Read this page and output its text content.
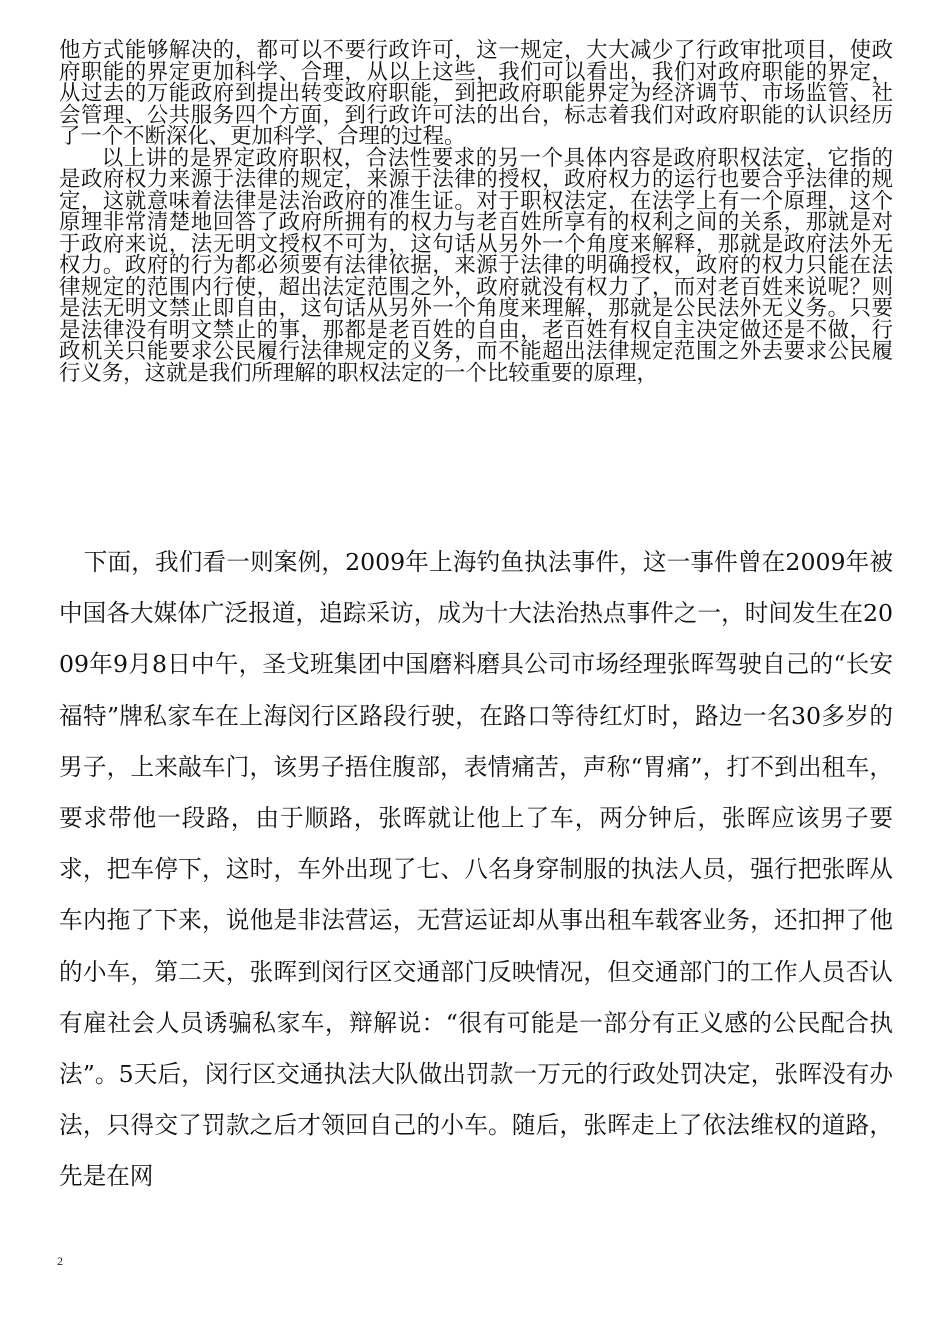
他方式能够解决的，都可以不要行政许可，这一规定，大大减少了行政审批项目，使政府职能的界定更加科学、合理，从以上这些，我们可以看出，我们对政府职能的界定，从过去的万能政府到提出转变政府职能，到把政府职能界定为经济调节、市场监管、社会管理、公共服务四个方面，到行政许可法的出台，标志着我们对政府职能的认识经历了一个不断深化、更加科学、合理的过程。

以上讲的是界定政府职权，合法性要求的另一个具体内容是政府职权法定，它指的是政府权力来源于法律的规定，来源于法律的授权，政府权力的运行也要合乎法律的规定，这就意味着法律是法治政府的准生证。对于职权法定，在法学上有一个原理，这个原理非常清楚地回答了政府所拥有的权力与老百姓所享有的权利之间的关系，那就是对于政府来说，法无明文授权不可为，这句话从另外一个角度来解释，那就是政府法外无权力。政府的行为都必须要有法律依据，来源于法律的明确授权，政府的权力只能在法律规定的范围内行使，超出法定范围之外，政府就没有权力了，而对老百姓来说呢？则是法无明文禁止即自由，这句话从另外一个角度来理解，那就是公民法外无义务。只要是法律没有明文禁止的事，那都是老百姓的自由，老百姓有权自主决定做还是不做，行政机关只能要求公民履行法律规定的义务，而不能超出法律规定范围之外去要求公民履行义务，这就是我们所理解的职权法定的一个比较重要的原理，

下面，我们看一则案例，2009年上海钓鱼执法事件，这一事件曾在2009年被中国各大媒体广泛报道，追踪采访，成为十大法治热点事件之一，时间发生在2009年9月8日中午，圣戈班集团中国磨料磨具公司市场经理张晖驾驶自己的“长安福特”牌私家车在上海闵行区路段行驶，在路口等待红灯时，路边一名30多岁的男子，上来敲车门，该男子捂住腹部，表情痛苦，声称“胃痛”，打不到出租车，要求带他一段路，由于顺路，张晖就让他上了车，两分钟后，张晖应该男子要求，把车停下，这时，车外出现了七、八名身穿制服的执法人员，强行把张晖从车内拖了下来，说他是非法营运，无营运证却从事出租车载客业务，还扣押了他的小车，第二天，张晖到闵行区交通部门反映情况，但交通部门的工作人员否认有雇社会人员诱骗私家车，辩解说：“很有可能是一部分有正义感的公民配合执法”。5天后，闵行区交通执法大队做出罚款一万元的行政处罚决定，张晖没有办法，只得交了罚款之后才领回自己的小车。随后，张晖走上了依法维权的道路，先是在网

2
